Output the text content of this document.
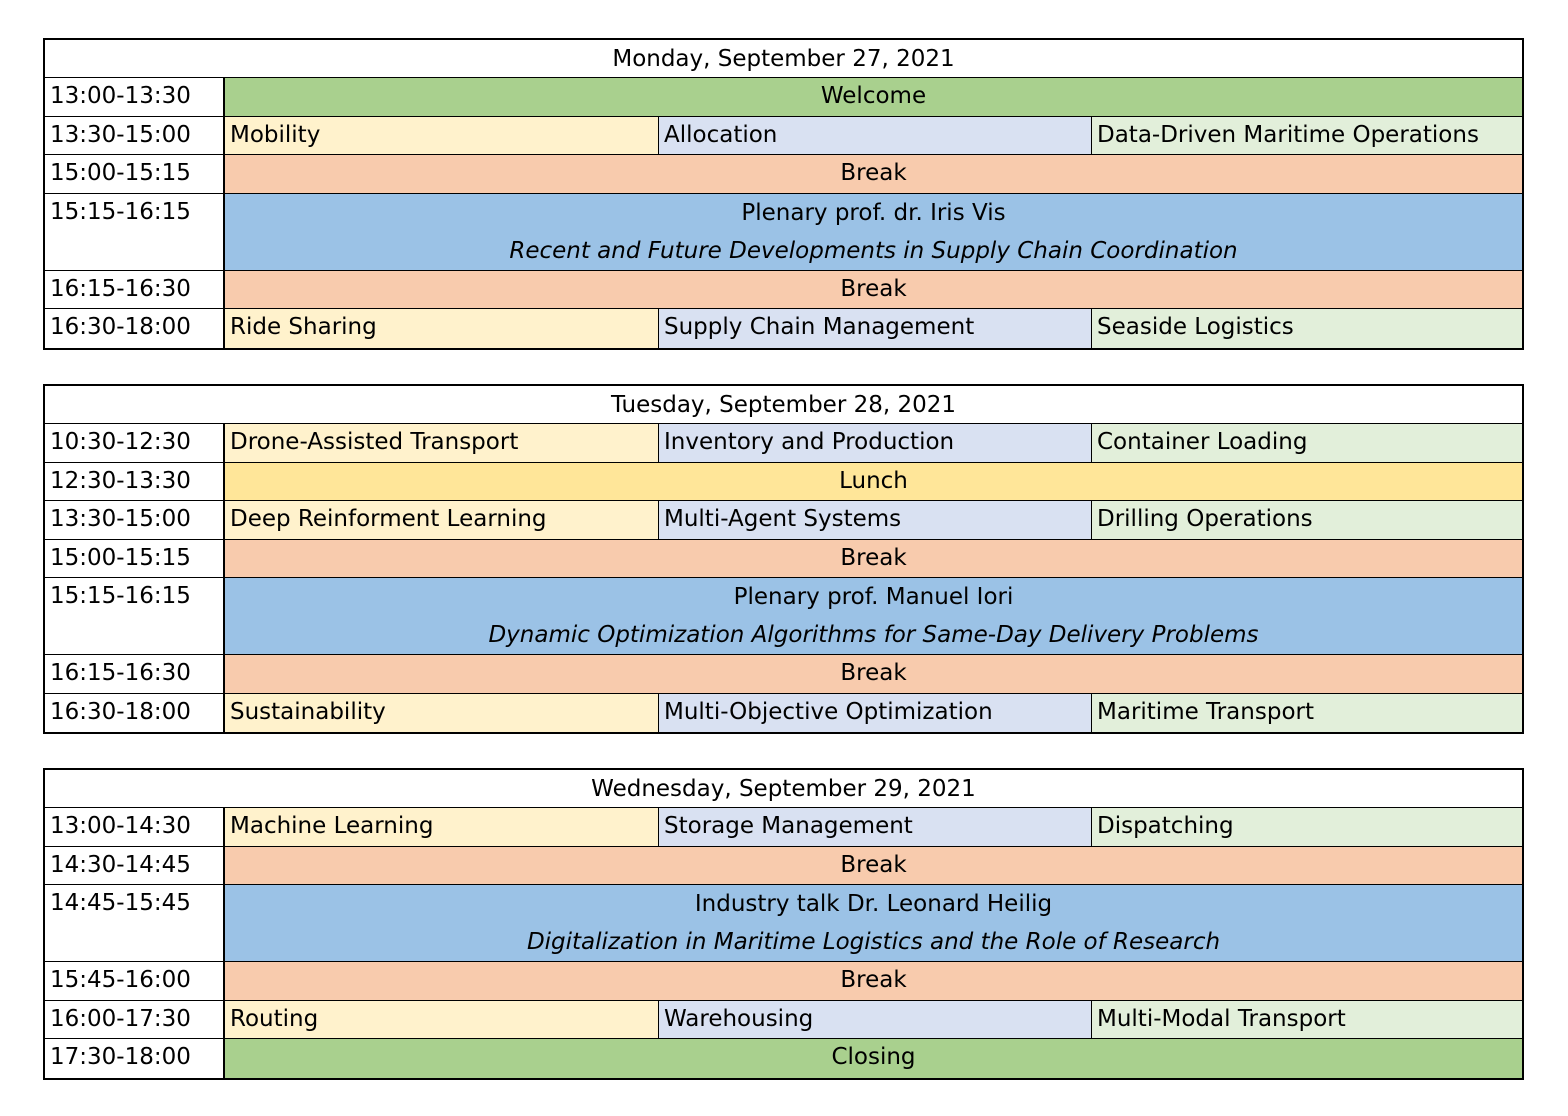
Monday, September 27, 2021
13:00-13:30	Welcome
13:30-15:00	Mobility	Allocation	Data-Driven Maritime Operations
15:00-15:15	Break
15:15-16:15	Plenary prof. dr. Iris Vis
Recent and Future Developments in Supply Chain Coordination
16:15-16:30	Break
16:30-18:00	Ride Sharing	Supply Chain Management	Seaside Logistics
Tuesday, September 28, 2021
10:30-12:30	Drone-Assisted Transport	Inventory and Production	Container Loading
12:30-13:30	Lunch
13:30-15:00	Deep Reinforment Learning	Multi-Agent Systems	Drilling Operations
15:00-15:15	Break
15:15-16:15	Plenary prof. Manuel Iori
Dynamic Optimization Algorithms for Same-Day Delivery Problems
16:15-16:30	Break
16:30-18:00	Sustainability	Multi-Objective Optimization	Maritime Transport
Wednesday, September 29, 2021
13:00-14:30	Machine Learning	Storage Management	Dispatching
14:30-14:45	Break
14:45-15:45	Industry talk Dr. Leonard Heilig
Digitalization in Maritime Logistics and the Role of Research
15:45-16:00	Break
16:00-17:30	Routing	Warehousing	Multi-Modal Transport
17:30-18:00	Closing
